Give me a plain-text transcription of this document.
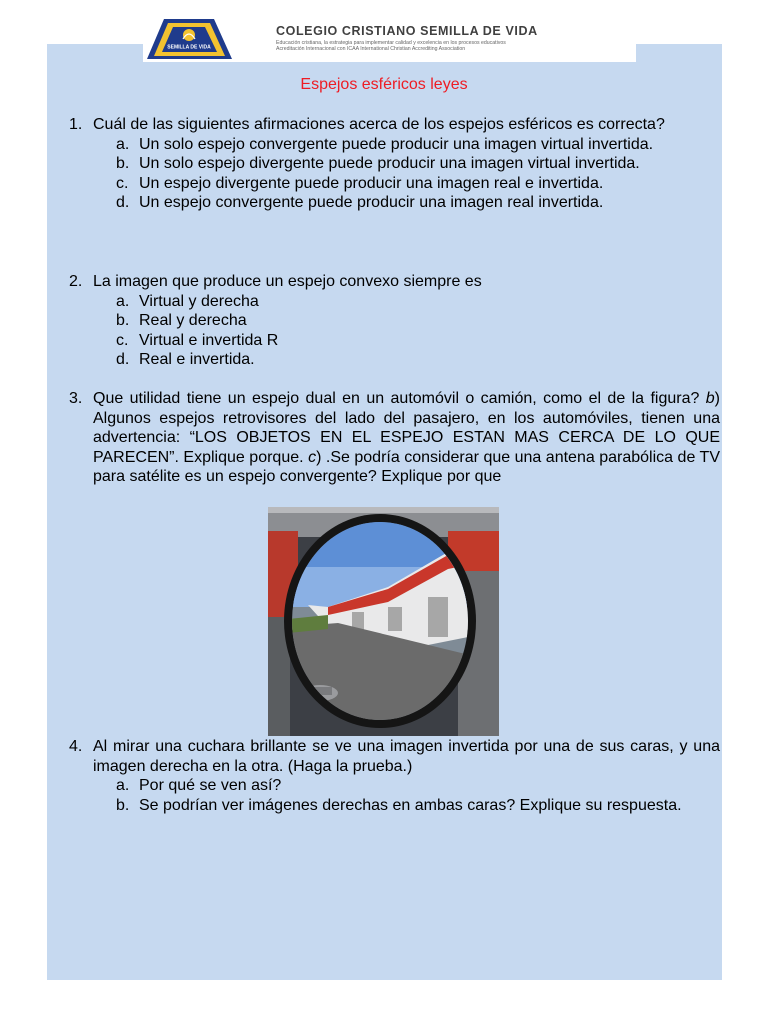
SEMILLA DE VIDA
COLEGIO CRISTIANO SEMILLA DE VIDA
Educación cristiana, la estrategia para implementar calidad y excelencia en los procesos educativos
Acreditación Internacional con ICAA International Christian Accrediting Association
Espejos esféricos leyes
1. Cuál de las siguientes afirmaciones acerca de los espejos esféricos es correcta?
a. Un solo espejo convergente puede producir una imagen virtual invertida.
b. Un solo espejo divergente puede producir una imagen virtual invertida.
c. Un espejo divergente puede producir una imagen real e invertida.
d. Un espejo convergente puede producir una imagen real invertida.
2. La imagen que produce un espejo convexo siempre es
a. Virtual y derecha
b. Real y derecha
c. Virtual e invertida R
d. Real e invertida.
3. Que utilidad tiene un espejo dual en un automóvil o camión, como el de la figura? b) Algunos espejos retrovisores del lado del pasajero, en los automóviles, tienen una advertencia: “LOS OBJETOS EN EL ESPEJO ESTAN MAS CERCA DE LO QUE PARECEN”. Explique porque. c) .Se podría considerar que una antena parabólica de TV para satélite es un espejo convergente? Explique por que
4. Al mirar una cuchara brillante se ve una imagen invertida por una de sus caras, y una imagen derecha en la otra. (Haga la prueba.)
a. Por qué se ven así?
b. Se podrían ver imágenes derechas en ambas caras? Explique su respuesta.
